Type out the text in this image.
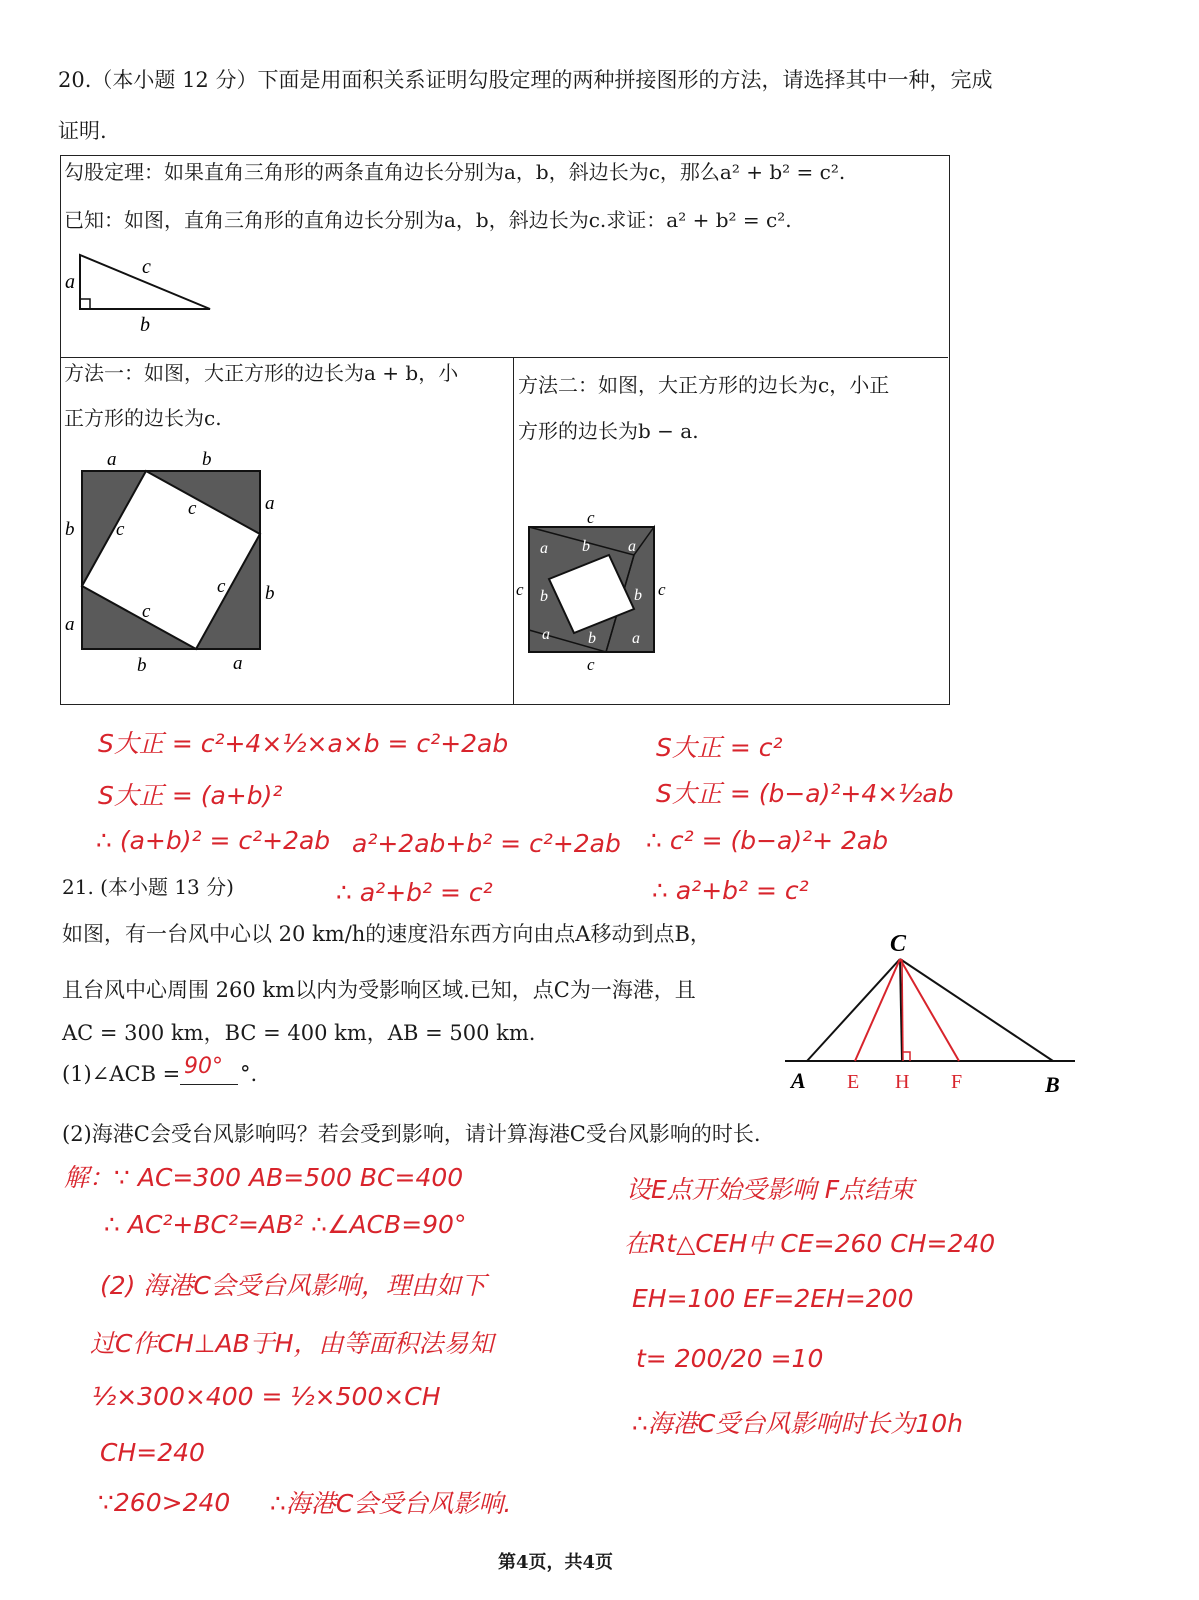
20.（本小题 12 分）下面是用面积关系证明勾股定理的两种拼接图形的方法，请选择其中一种，完成
证明.
勾股定理：如果直角三角形的两条直角边长分别为a，b，斜边长为c，那么a² + b² = c².
已知：如图，直角三角形的直角边长分别为a，b，斜边长为c.求证：a² + b² = c².
a
c
b
方法一：如图，大正方形的边长为a + b，小
正方形的边长为c.
a	b
a
b
b
a
b	a
c
c
c
c
方法二：如图，大正方形的边长为c，小正
方形的边长为b − a.
c
c
c	c
a b a
b	b
a b a
S大正 = c²+4×½×a×b = c²+2ab
S大正 = (a+b)²
∴ (a+b)² = c²+2ab a²+2ab+b² = c²+2ab
∴ a²+b² = c²
S大正 = c²
S大正 = (b−a)²+4×½ab
∴ c² = (b−a)²+ 2ab
∴ a²+b² = c²
21. (本小题 13 分)
如图，有一台风中心以 20 km/h的速度沿东西方向由点A移动到点B，
且台风中心周围 260 km以内为受影响区域.已知，点C为一海港，且
AC = 300 km，BC = 400 km，AB = 500 km.
(1)∠ACB = 90° °.
(2)海港C会受台风影响吗？若会受到影响，请计算海港C受台风影响的时长.
C
A E H F	B
解：∵ AC=300 AB=500 BC=400
∴ AC²+BC²=AB² ∴∠ACB=90°
(2) 海港C会受台风影响，理由如下
过C作CH⊥AB于H，由等面积法易知
½×300×400 = ½×500×CH
CH=240
∵260>240 ∴海港C会受台风影响.
设E点开始受影响 F点结束
在Rt△CEH中 CE=260 CH=240
EH=100 EF=2EH=200
t= 200/20 =10
∴海港C受台风影响时长为10h
第4页，共4页
